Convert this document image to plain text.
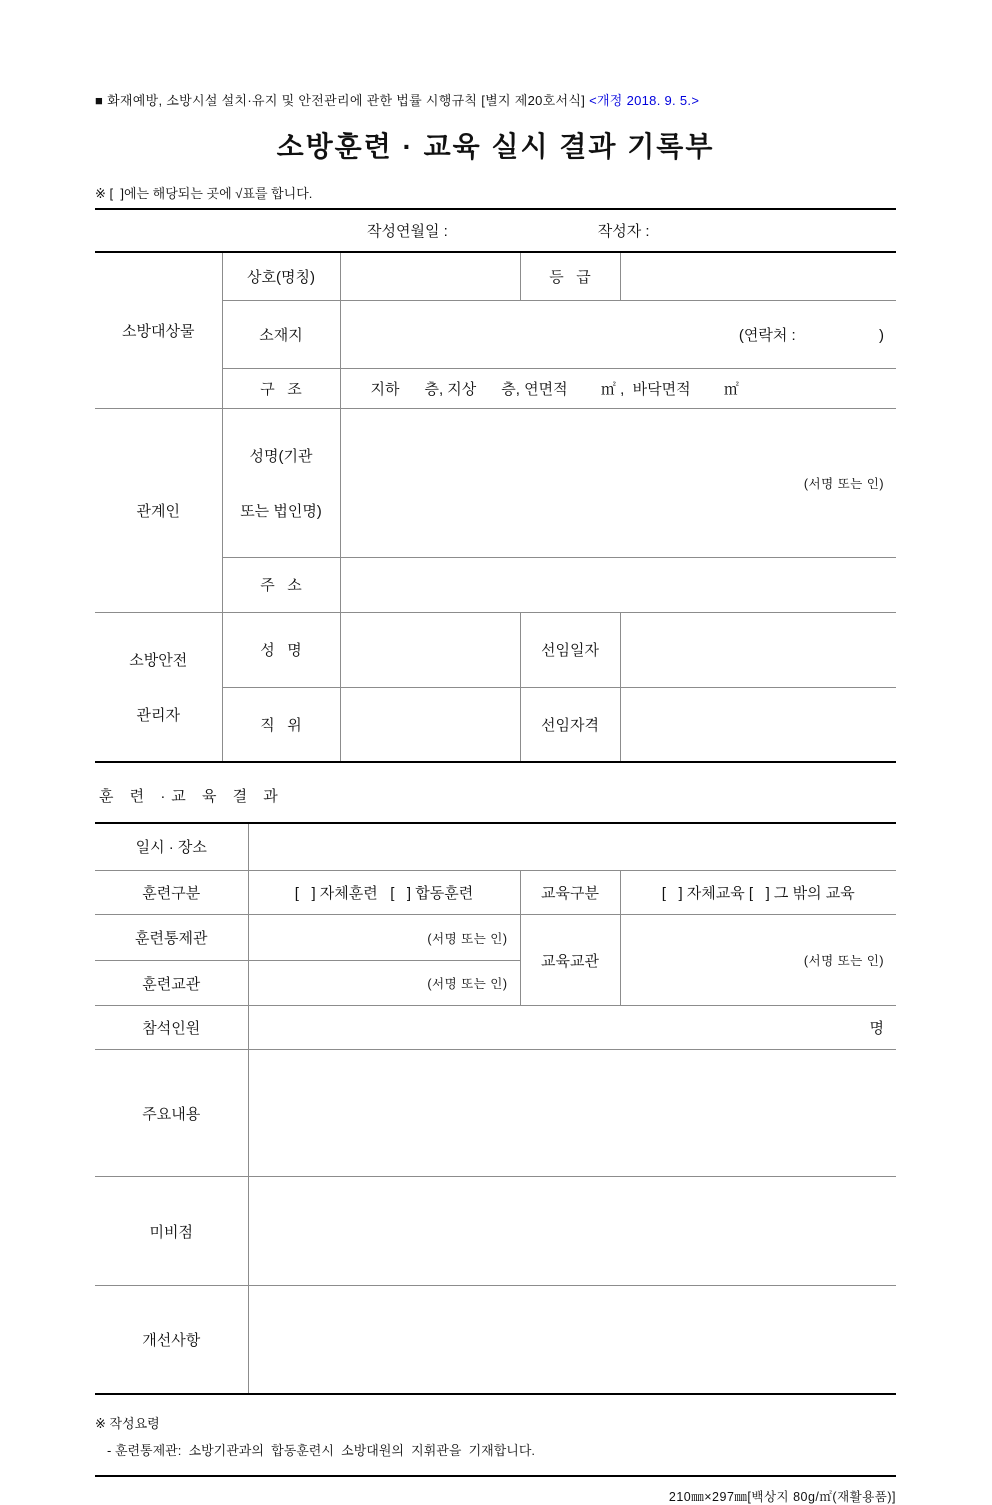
■ 화재예방, 소방시설 설치·유지 및 안전관리에 관한 법률 시행규칙 [별지 제20호서식] <개정 2018. 9. 5.>
소방훈련 · 교육 실시 결과 기록부
※ [  ]에는 해당되는 곳에 √표를 합니다.
작성연월일 :	작성자 :
소방대상물	상호(명칭)		등   급	
	소재지	(연락처 :                    )		
	구   조	지하      층, 지상      층, 연면적        ㎡ ,  바닥면적        ㎡		
관계인	성명(기관

또는 법인명)	(서명 또는 인)		
	주   소			

소방안전

관리자	성   명		선임일자	
	직   위		선임자격	
훈 련 ·교 육 결 과
일시 · 장소			
훈련구분	[   ] 자체훈련   [   ] 합동훈련	교육구분	[   ] 자체교육 [   ] 그 밖의 교육
훈련통제관	(서명 또는 인)	교육교관	(서명 또는 인)
훈련교관	(서명 또는 인)		
참석인원	명		
주요내용			
미비점			
개선사항			
※ 작성요령
- 훈련통제관:  소방기관과의  합동훈련시  소방대원의  지휘관을  기재합니다.
210㎜×297㎜[백상지 80g/㎡(재활용품)]
